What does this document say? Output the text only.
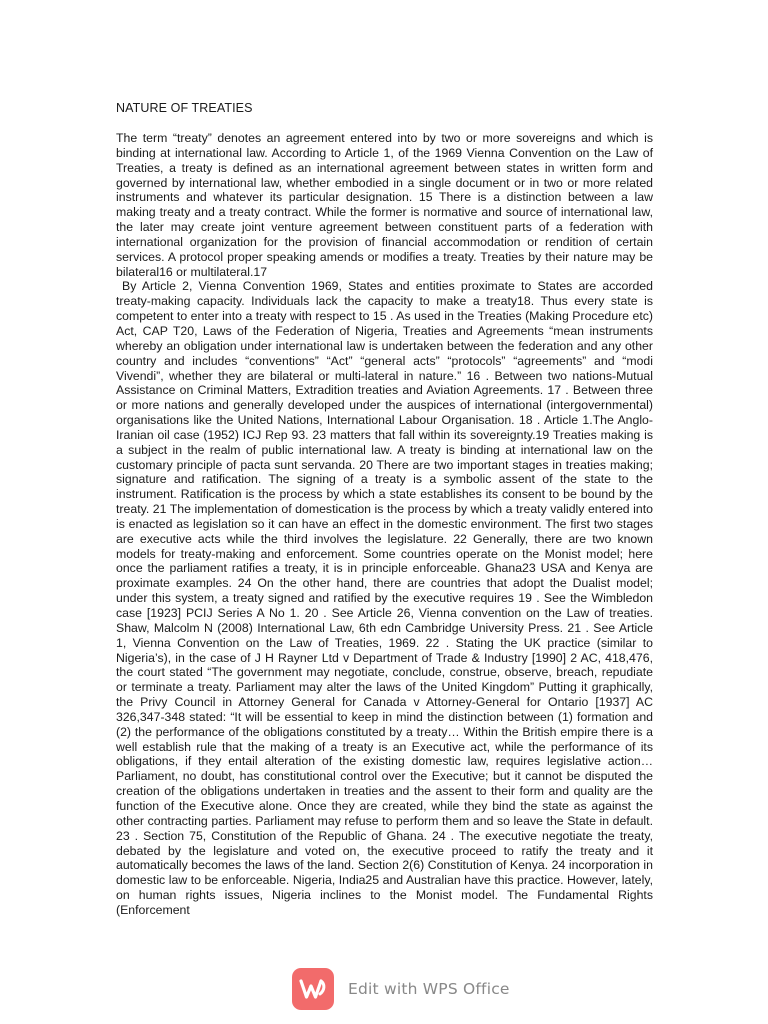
NATURE OF TREATIES

The term “treaty” denotes an agreement entered into by two or more sovereigns and which is binding at international law. According to Article 1, of the 1969 Vienna Convention on the Law of Treaties, a treaty is defined as an international agreement between states in written form and governed by international law, whether embodied in a single document or in two or more related instruments and whatever its particular designation. 15 There is a distinction between a law making treaty and a treaty contract. While the former is normative and source of international law, the later may create joint venture agreement between constituent parts of a federation with international organization for the provision of financial accommodation or rendition of certain services. A protocol proper speaking amends or modifies a treaty. Treaties by their nature may be bilateral16 or multilateral.17

By Article 2, Vienna Convention 1969, States and entities proximate to States are accorded treaty-making capacity. Individuals lack the capacity to make a treaty18. Thus every state is competent to enter into a treaty with respect to 15 . As used in the Treaties (Making Procedure etc) Act, CAP T20, Laws of the Federation of Nigeria, Treaties and Agreements “mean instruments whereby an obligation under international law is undertaken between the federation and any other country and includes “conventions” “Act” “general acts” “protocols” “agreements” and “modi Vivendi”, whether they are bilateral or multi-lateral in nature.” 16 . Between two nations-Mutual Assistance on Criminal Matters, Extradition treaties and Aviation Agreements. 17 . Between three or more nations and generally developed under the auspices of international (intergovernmental) organisations like the United Nations, International Labour Organisation. 18 . Article 1.The Anglo-Iranian oil case (1952) ICJ Rep 93. 23 matters that fall within its sovereignty.19 Treaties making is a subject in the realm of public international law. A treaty is binding at international law on the customary principle of pacta sunt servanda. 20 There are two important stages in treaties making; signature and ratification. The signing of a treaty is a symbolic assent of the state to the instrument. Ratification is the process by which a state establishes its consent to be bound by the treaty. 21 The implementation of domestication is the process by which a treaty validly entered into is enacted as legislation so it can have an effect in the domestic environment. The first two stages are executive acts while the third involves the legislature. 22 Generally, there are two known models for treaty-making and enforcement. Some countries operate on the Monist model; here once the parliament ratifies a treaty, it is in principle enforceable. Ghana23 USA and Kenya are proximate examples. 24 On the other hand, there are countries that adopt the Dualist model; under this system, a treaty signed and ratified by the executive requires 19 . See the Wimbledon case [1923] PCIJ Series A No 1. 20 . See Article 26, Vienna convention on the Law of treaties. Shaw, Malcolm N (2008) International Law, 6th edn Cambridge University Press. 21 . See Article 1, Vienna Convention on the Law of Treaties, 1969. 22 . Stating the UK practice (similar to Nigeria’s), in the case of J H Rayner Ltd v Department of Trade & Industry [1990] 2 AC, 418,476, the court stated “The government may negotiate, conclude, construe, observe, breach, repudiate or terminate a treaty. Parliament may alter the laws of the United Kingdom” Putting it graphically, the Privy Council in Attorney General for Canada v Attorney-General for Ontario [1937] AC 326,347-348 stated: “It will be essential to keep in mind the distinction between (1) formation and (2) the performance of the obligations constituted by a treaty… Within the British empire there is a well establish rule that the making of a treaty is an Executive act, while the performance of its obligations, if they entail alteration of the existing domestic law, requires legislative action…Parliament, no doubt, has constitutional control over the Executive; but it cannot be disputed the creation of the obligations undertaken in treaties and the assent to their form and quality are the function of the Executive alone. Once they are created, while they bind the state as against the other contracting parties. Parliament may refuse to perform them and so leave the State in default. 23 . Section 75, Constitution of the Republic of Ghana. 24 . The executive negotiate the treaty, debated by the legislature and voted on, the executive proceed to ratify the treaty and it automatically becomes the laws of the land. Section 2(6) Constitution of Kenya. 24 incorporation in domestic law to be enforceable. Nigeria, India25 and Australian have this practice. However, lately, on human rights issues, Nigeria inclines to the Monist model. The Fundamental Rights (Enforcement

Edit with WPS Office
